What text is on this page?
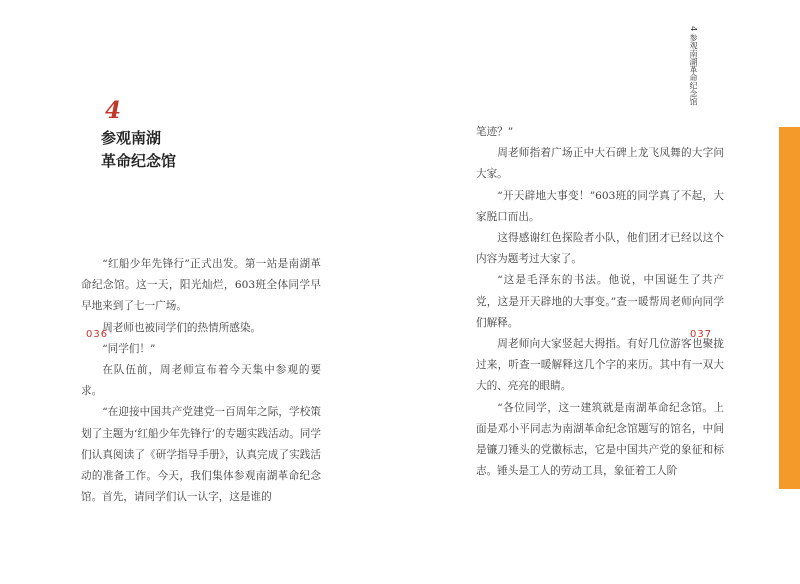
4
参观南湖
革命纪念馆

“红船少年先锋行”正式出发。第一站是南湖革命纪念馆。这一天，阳光灿烂，603班全体同学早早地来到了七一广场。

周老师也被同学们的热情所感染。

“同学们！”

在队伍前，周老师宣布着今天集中参观的要求。

“在迎接中国共产党建党一百周年之际，学校策划了主题为‘红船少年先锋行’的专题实践活动。同学们认真阅读了《研学指导手册》，认真完成了实践活动的准备工作。今天，我们集体参观南湖革命纪念馆。首先，请同学们认一认字，这是谁的

036
4 参观南湖革命纪念馆

笔迹？”

周老师指着广场正中大石碑上龙飞凤舞的大字问大家。

“开天辟地大事变！”603班的同学真了不起，大家脱口而出。

这得感谢红色探险者小队，他们团才已经以这个内容为题考过大家了。

“这是毛泽东的书法。他说，中国诞生了共产党，这是开天辟地的大事变。”查一暖帮周老师向同学们解释。

周老师向大家竖起大拇指。有好几位游客也聚拢过来，听查一暖解释这几个字的来历。其中有一双大大的、亮亮的眼睛。

“各位同学，这一建筑就是南湖革命纪念馆。上面是邓小平同志为南湖革命纪念馆题写的馆名，中间是镰刀锤头的党徽标志，它是中国共产党的象征和标志。锤头是工人的劳动工具，象征着工人阶

037
